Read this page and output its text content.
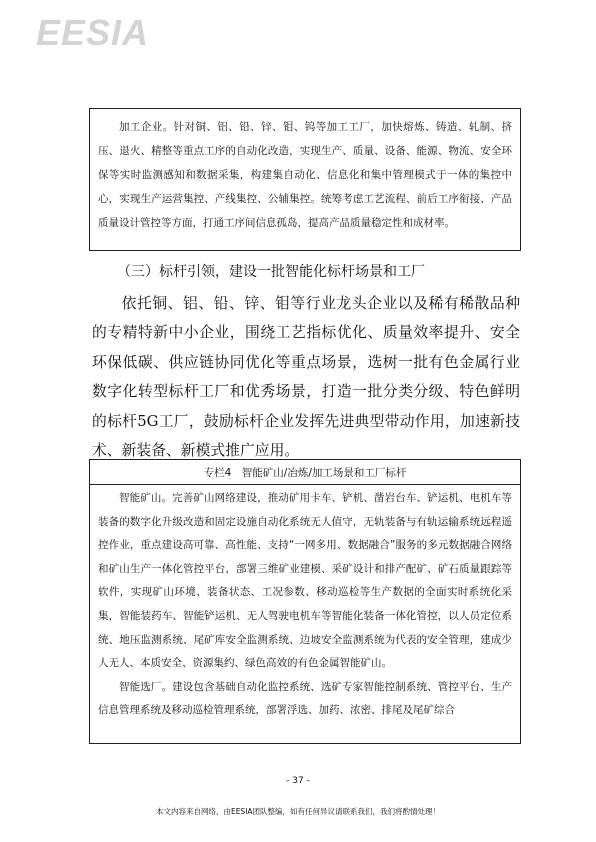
EESIA

加工企业。针对铜、铝、铅、锌、钼、钨等加工工厂，加快熔炼、铸造、轧制、挤压、退火、精整等重点工序的自动化改造，实现生产、质量、设备、能源、物流、安全环保等实时监测感知和数据采集，构建集自动化、信息化和集中管理模式于一体的集控中心，实现生产运营集控、产线集控、公辅集控。统筹考虑工艺流程、前后工序衔接、产品质量设计管控等方面，打通工序间信息孤岛，提高产品质量稳定性和成材率。

（三）标杆引领，建设一批智能化标杆场景和工厂

依托铜、铝、铅、锌、钼等行业龙头企业以及稀有稀散品种的专精特新中小企业，围绕工艺指标优化、质量效率提升、安全环保低碳、供应链协同优化等重点场景，选树一批有色金属行业数字化转型标杆工厂和优秀场景，打造一批分类分级、特色鲜明的标杆5G工厂，鼓励标杆企业发挥先进典型带动作用，加速新技术、新装备、新模式推广应用。

专栏4　智能矿山/冶炼/加工场景和工厂标杆

智能矿山。完善矿山网络建设，推动矿用卡车、铲机、凿岩台车、铲运机、电机车等装备的数字化升级改造和固定设施自动化系统无人值守，无轨装备与有轨运输系统远程遥控作业，重点建设高可靠、高性能、支持“一网多用、数据融合”服务的多元数据融合网络和矿山生产一体化管控平台，部署三维矿业建模、采矿设计和排产配矿、矿石质量跟踪等软件，实现矿山环境、装备状态、工况参数、移动巡检等生产数据的全面实时系统化采集，智能装药车、智能铲运机、无人驾驶电机车等智能化装备一体化管控，以人员定位系统、地压监测系统、尾矿库安全监测系统、边坡安全监测系统为代表的安全管理，建成少人无人、本质安全、资源集约、绿色高效的有色金属智能矿山。

智能选厂。建设包含基础自动化监控系统、选矿专家智能控制系统、管控平台、生产信息管理系统及移动巡检管理系统，部署浮选、加药、浓密、排尾及尾矿综合

- 37 -
本文内容来自网络，由EESIA团队整编，如有任何异议请联系我们，我们将酌情处理！
